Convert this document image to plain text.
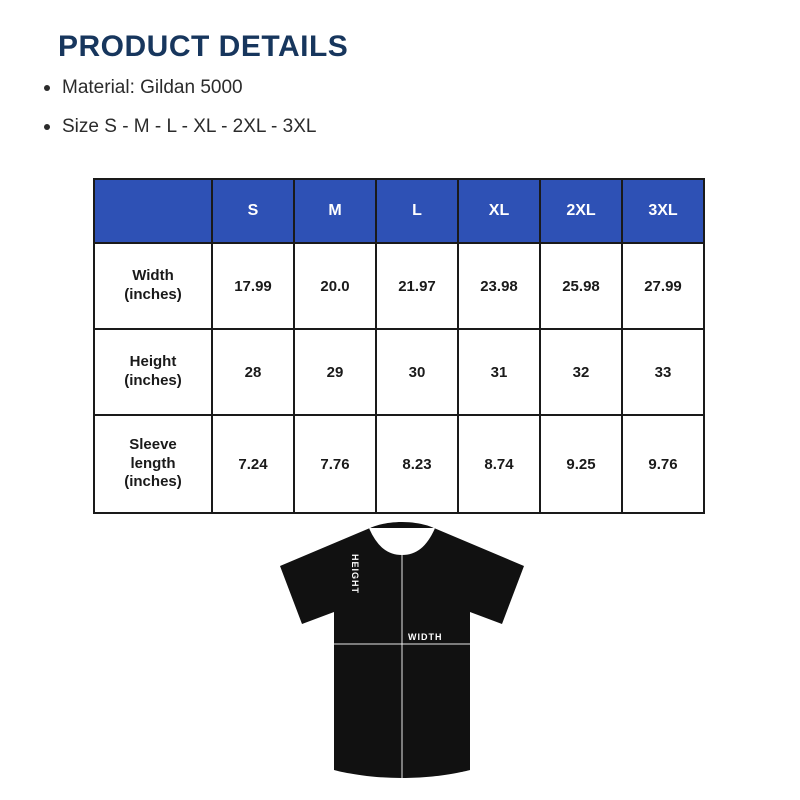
PRODUCT DETAILS
Material: Gildan 5000
Size S - M - L - XL - 2XL - 3XL
	S	M	L	XL	2XL	3XL

Width
(inches)	17.99	20.0	21.97	23.98	25.98	27.99

Height
(inches)	28	29	30	31	32	33

Sleeve
length
(inches)	7.24	7.76	8.23	8.74	9.25	9.76
HEIGHT
WIDTH
